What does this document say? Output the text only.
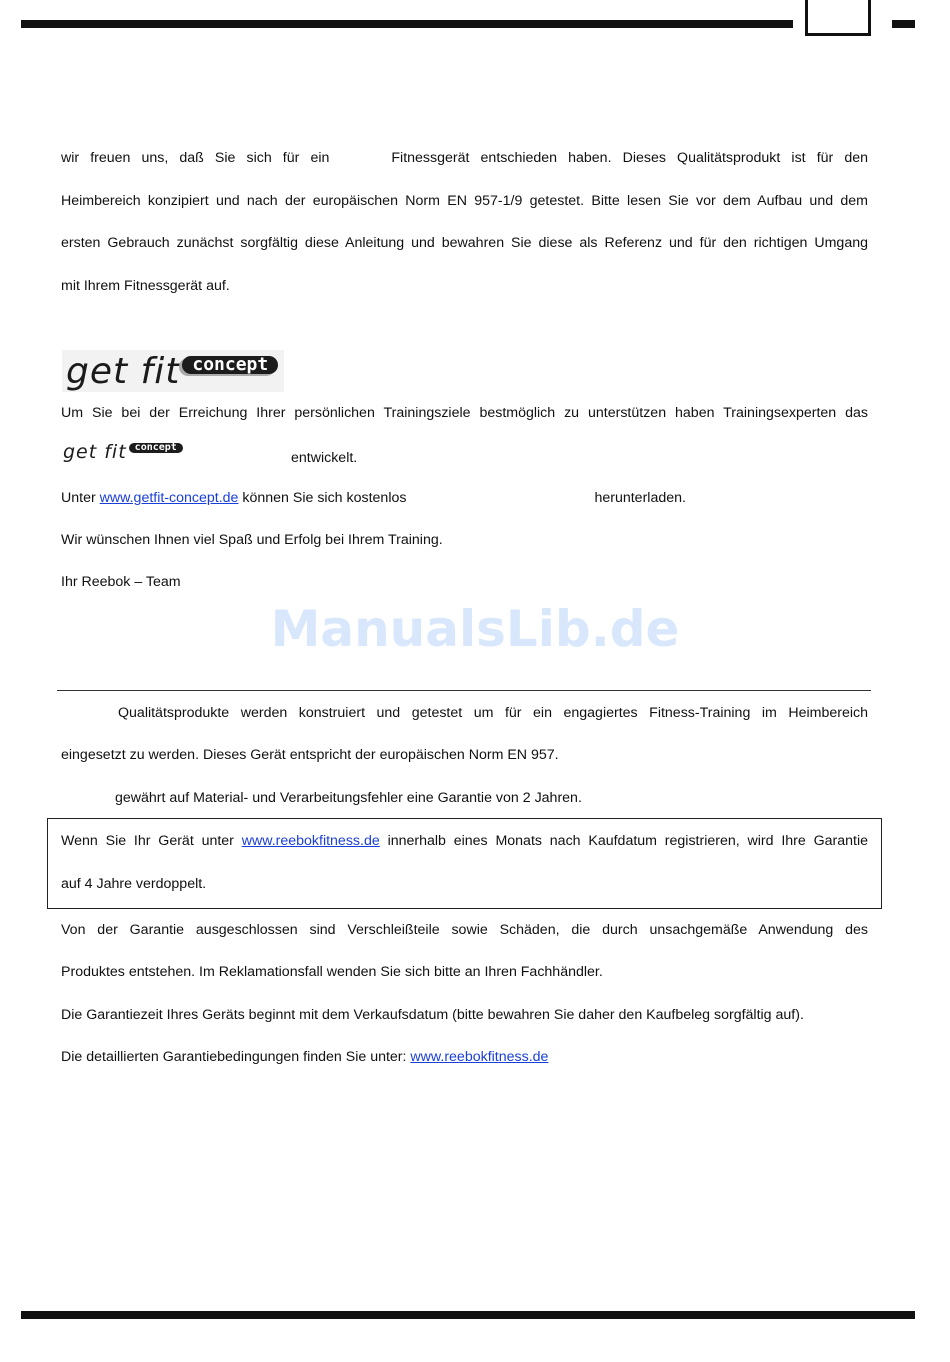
wir freuen uns, daß Sie sich für ein	Fitnessgerät entschieden haben. Dieses Qualitätsprodukt ist für den
Heimbereich konzipiert und nach der europäischen Norm EN 957-1/9 getestet. Bitte lesen Sie vor dem Aufbau und dem
ersten Gebrauch zunächst sorgfältig diese Anleitung und bewahren Sie diese als Referenz und für den richtigen Umgang
mit Ihrem Fitnessgerät auf.
get fit concept
Um Sie bei der Erreichung Ihrer persönlichen Trainingsziele bestmöglich zu unterstützen haben Trainingsexperten das
get fit concept
entwickelt.
Unter www.getfit-concept.de können Sie sich kostenlos	herunterladen.
Wir wünschen Ihnen viel Spaß und Erfolg bei Ihrem Training.
Ihr Reebok – Team
ManualsLib.de
Qualitätsprodukte werden konstruiert und getestet um für ein engagiertes Fitness-Training im Heimbereich
eingesetzt zu werden. Dieses Gerät entspricht der europäischen Norm EN 957.
gewährt auf Material- und Verarbeitungsfehler eine Garantie von 2 Jahren.
Wenn Sie Ihr Gerät unter www.reebokfitness.de innerhalb eines Monats nach Kaufdatum registrieren, wird Ihre Garantie
auf 4 Jahre verdoppelt.
Von der Garantie ausgeschlossen sind Verschleißteile sowie Schäden, die durch unsachgemäße Anwendung des
Produktes entstehen. Im Reklamationsfall wenden Sie sich bitte an Ihren Fachhändler.
Die Garantiezeit Ihres Geräts beginnt mit dem Verkaufsdatum (bitte bewahren Sie daher den Kaufbeleg sorgfältig auf).
Die detaillierten Garantiebedingungen finden Sie unter: www.reebokfitness.de
